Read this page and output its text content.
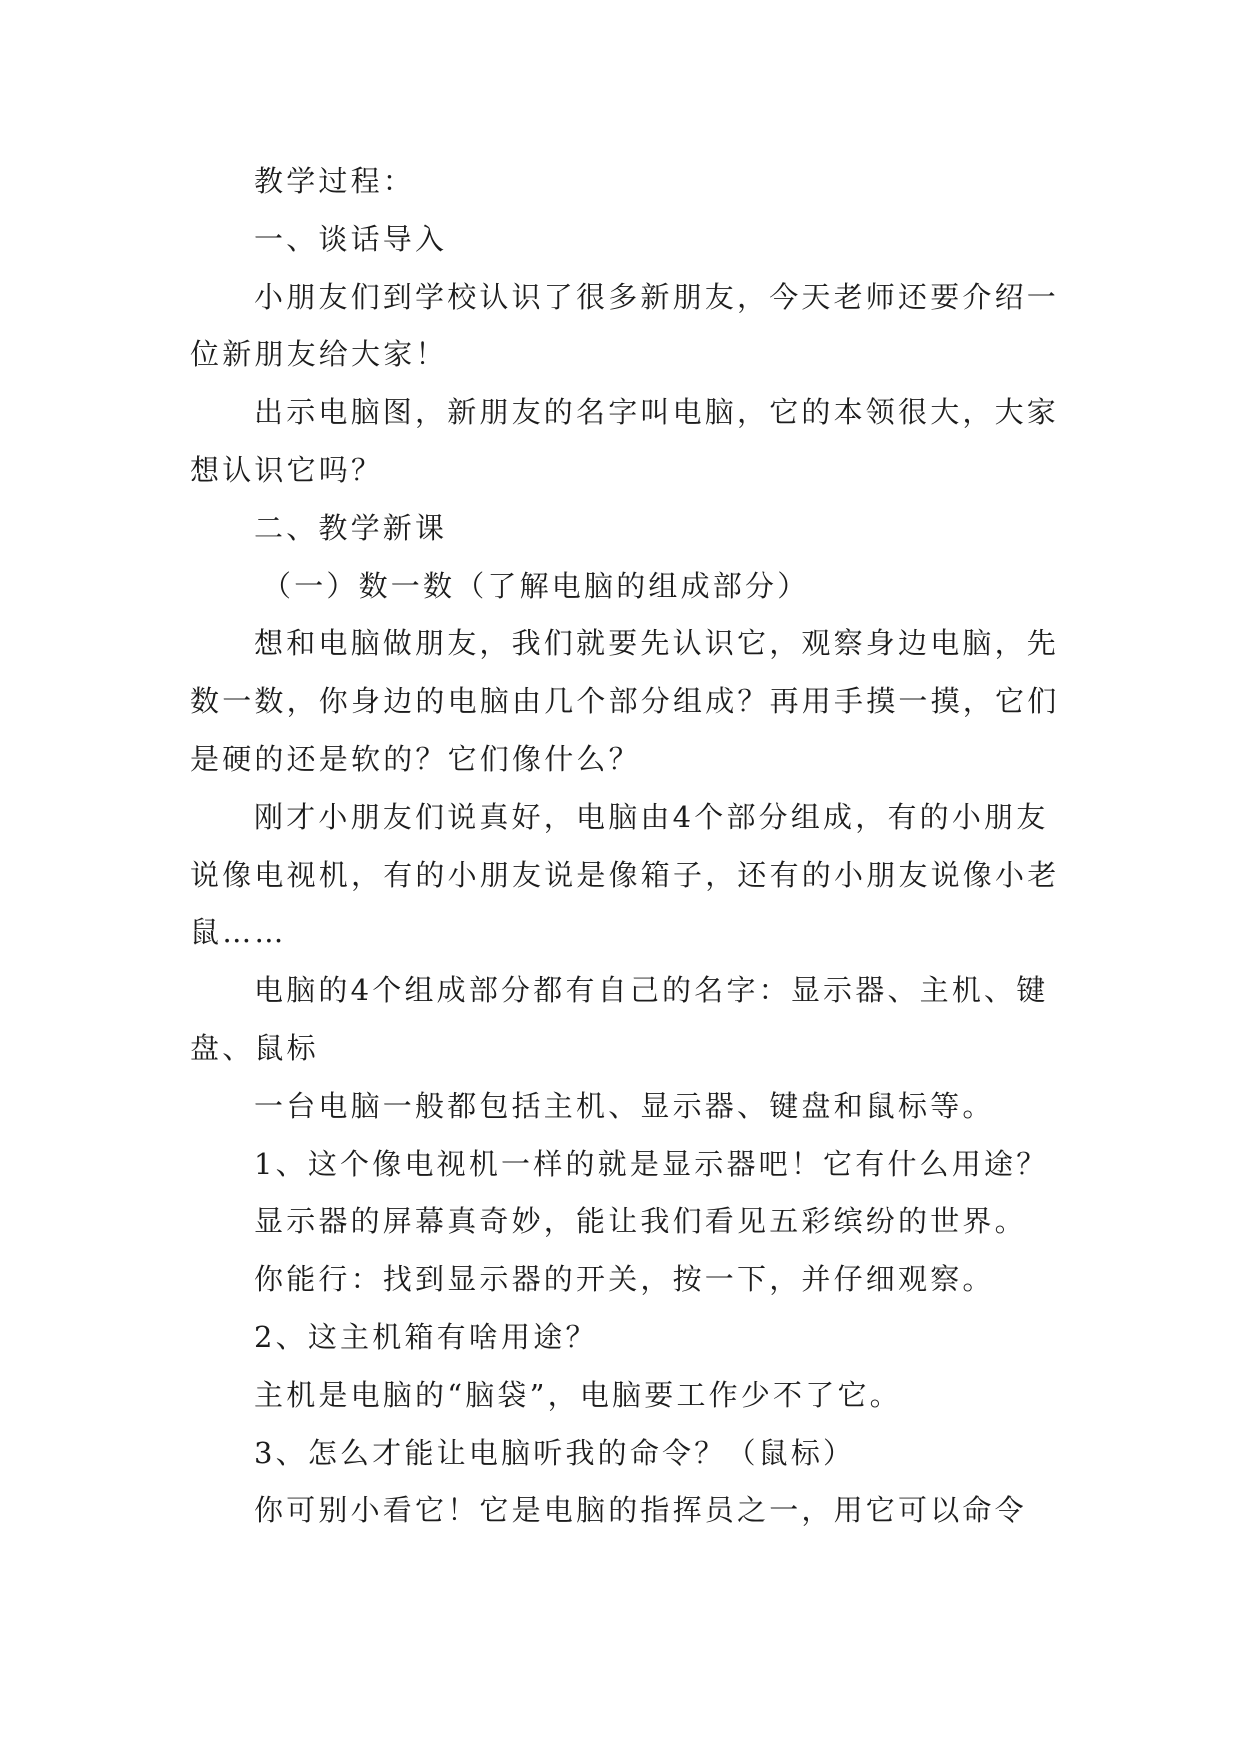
教学过程：

一、谈话导入

小朋友们到学校认识了很多新朋友，今天老师还要介绍一位新朋友给大家！

出示电脑图，新朋友的名字叫电脑，它的本领很大，大家想认识它吗？

二、教学新课

（一）数一数（了解电脑的组成部分）

想和电脑做朋友，我们就要先认识它，观察身边电脑，先数一数，你身边的电脑由几个部分组成？再用手摸一摸，它们是硬的还是软的？它们像什么？

刚才小朋友们说真好，电脑由4个部分组成，有的小朋友说像电视机，有的小朋友说是像箱子，还有的小朋友说像小老鼠……

电脑的4个组成部分都有自己的名字：显示器、主机、键盘、鼠标

一台电脑一般都包括主机、显示器、键盘和鼠标等。

1、这个像电视机一样的就是显示器吧！它有什么用途？

显示器的屏幕真奇妙，能让我们看见五彩缤纷的世界。

你能行：找到显示器的开关，按一下，并仔细观察。

2、这主机箱有啥用途？

主机是电脑的“脑袋”，电脑要工作少不了它。

3、怎么才能让电脑听我的命令？（鼠标）

你可别小看它！它是电脑的指挥员之一，用它可以命令
